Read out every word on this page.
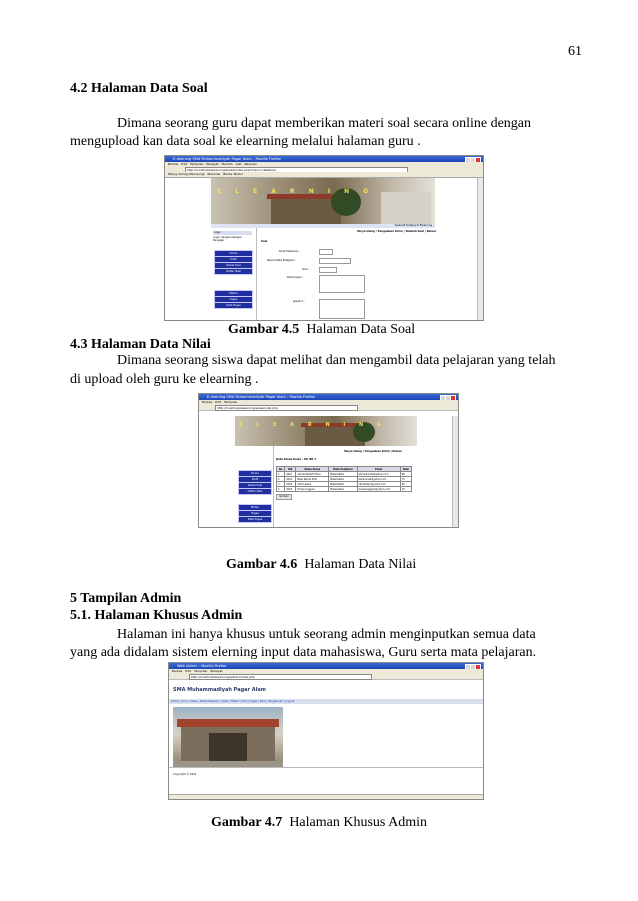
61
4.2 Halaman Data Soal
Dimana seorang guru dapat memberikan materi soal secara online dengan
mengupload kan data soal ke elearning melalui halaman guru .
E-learning SMA Muhammadiyah Pagar Alam - Mozilla Firefox
Berkas Edit Tampilan Riwayat Markah Alat Bantuan
http://localhost/elearning/siswa/index.php?menu=dataSoal
Paling Sering Dikunjungi Memulai Berita Terkini
E L E A R N I N G
Selamat Datang di Elearning
Login
Login dengan sebagai Pengajar
Home
Profil
Kelola Soal
Daftar Nilai
Materi
Tugas
Data Tugas
Tanya Ulang / Pengaduan Kirim | Tambah Soal | Keluar
Soal
Kode Pelajaran :
Nama Mata Pelajaran :
Soal :
Pertanyaan :
Jawab A :
Gambar 4.5 Halaman Data Soal
4.3 Halaman Data Nilai
Dimana seorang siswa dapat melihat dan mengambil data pelajaran yang telah
di upload oleh guru ke elearning .
E-learning SMA Muhammadiyah Pagar Alam - Mozilla Firefox
Berkas Edit Tampilan
http://localhost/elearning/siswa/nilai.php
E L E A R N I N G
Home
Profil
Kelola Soal
Daftar Nilai
Materi
Tugas
Data Tugas
Tanya Ulang / Pengaduan Kirim | Keluar
Data Siswa Kelas : XII IPA 1
No	NIS	Nama Siswa	Mata Pelajaran	Email	Nilai
1	1001	Ahmad Rizaldi Putra	Matematika	ahmadrizaldi@yahoo.com	80
2	1002	Bella Nanda Putri	Matematika	bellananda@yahoo.com	75
3	1003	Citra Lestari	Matematika	citralestari@yahoo.com	85
4	1004	Dimas Anggara	Matematika	dimasanggara@yahoo.com	70
Kembali
Gambar 4.6 Halaman Data Nilai
5 Tampilan Admin
5.1. Halaman Khusus Admin
Halaman ini hanya khusus untuk seorang admin menginputkan semua data
yang ada didalam sistem elerning input data mahasiswa, Guru serta mata pelajaran.
Web Admin - Mozilla Firefox
Berkas Edit Tampilan Riwayat
http://localhost/elearning/admin/index.php
SMA Muhammadiyah Pagar Alam
Home | Guru | Siswa | Mata Pelajaran | Kelas | Materi | Soal | Tugas | Nilai | Pengaturan | Logout
Copyright © 2011
Gambar 4.7 Halaman Khusus Admin
